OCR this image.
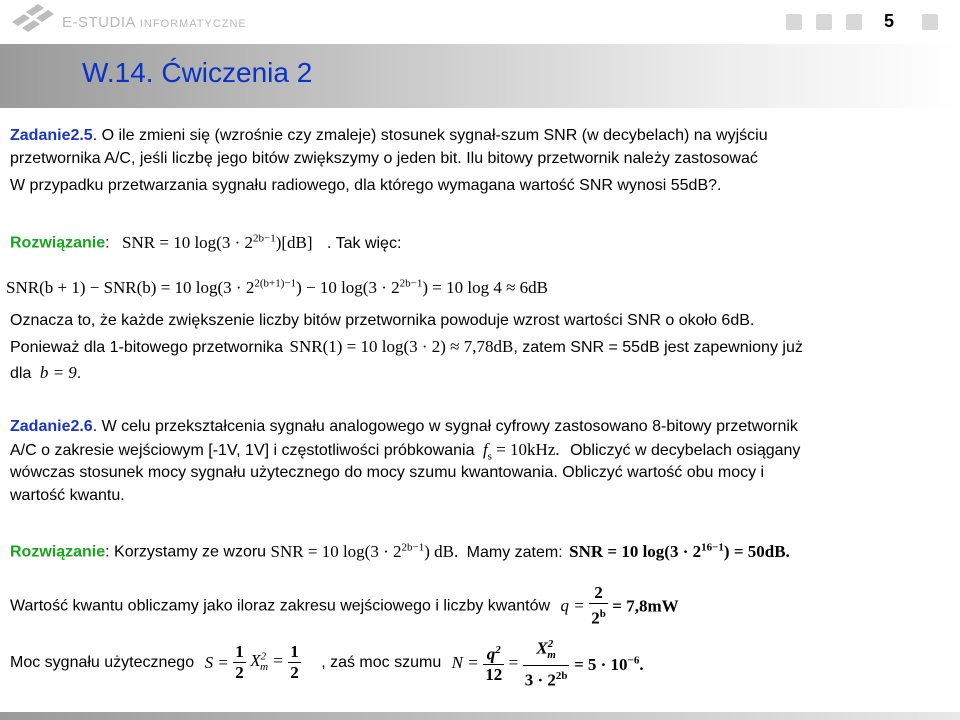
E-STUDIA INFORMATYCZNE	5
W.14. Ćwiczenia 2
Zadanie2.5. O ile zmieni się (wzrośnie czy zmaleje) stosunek sygnał-szum SNR (w decybelach) na wyjściu
przetwornika A/C, jeśli liczbę jego bitów zwiększymy o jeden bit. Ilu bitowy przetwornik należy zastosować
W przypadku przetwarzania sygnału radiowego, dla którego wymagana wartość SNR wynosi 55dB?.
Rozwiązanie: SNR = 10 $\log(3 \cdot 2^{2b-1})[dB]$ . Tak więc:
SNR(b + 1) − SNR(b) = 10 $\log(3 \cdot 2^{2(b+1)-1}) - 10$ $\log(3 \cdot 2^{2b-1}) = 10$ log 4 ≈ 6dB
Oznacza to, że każde zwiększenie liczby bitów przetwornika powoduje wzrost wartości SNR o około 6dB.
Ponieważ dla 1-bitowego przetwornika SNR(1) = 10 log(3 · 2) ≈ 7,78dB, zatem SNR = 55dB jest zapewniony już
dla b = 9.
Zadanie2.6. W celu przekształcenia sygnału analogowego w sygnał cyfrowy zastosowano 8-bitowy przetwornik
A/C o zakresie wejściowym [-1V, 1V] i częstotliwości próbkowania $f_s = 10kHz$. Obliczyć w decybelach osiągany
wówczas stosunek mocy sygnału użytecznego do mocy szumu kwantowania. Obliczyć wartość obu mocy i
wartość kwantu.
Rozwiązanie: Korzystamy ze wzoru SNR = 10 $\log(3 \cdot 2^{2b-1})$ dB. Mamy zatem: SNR = 10 $\log(3 \cdot 2^{16-1}) = 50dB$.
Wartość kwantu obliczamy jako iloraz zakresu wejściowego i liczby kwantów $q = \frac{2}{2^b} = 7,8mW$
Moc sygnału użytecznego $S = \frac{1}{2} X^2_m = \frac{1}{2}$ , zaś moc szumu $N = \frac{q^2}{12} = \frac{X^2_m}{3 \cdot 2^{2b}} = 5 \cdot 10^{-6}$.
